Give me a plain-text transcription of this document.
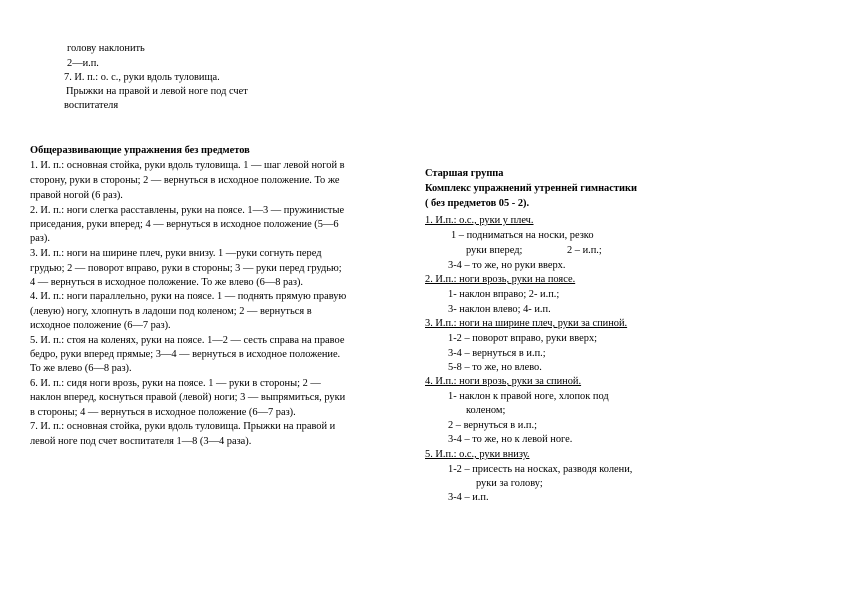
голову наклонить
2—и.п.
7. И. п.: о. с., руки вдоль туловища.
Прыжки на правой и левой ноге под счет
воспитателя
Общеразвивающие упражнения без предметов
1. И. п.: основная стойка, руки вдоль туловища. 1 — шаг левой ногой в
сторону, руки в стороны; 2 — вернуться в исходное положение. То же
правой ногой (6 раз).
2. И. п.: ноги слегка расставлены, руки на поясе. 1—3 — пружинистые
приседания, руки вперед; 4 — вернуться в исходное положение (5—6
раз).
3. И. п.: ноги на ширине плеч, руки внизу. 1 —руки согнуть перед
грудью; 2 — поворот вправо, руки в стороны; 3 — руки перед грудью;
4 — вернуться в исходное положение. То же влево (6—8 раз).
4. И. п.: ноги параллельно, руки на поясе. 1 — поднять прямую правую
(левую) ногу, хлопнуть в ладоши под коленом; 2 — вернуться в
исходное положение (6—7 раз).
5. И. п.: стоя на коленях, руки на поясе. 1—2 — сесть справа на правое
бедро, руки вперед прямые; 3—4 — вернуться в исходное положение.
То же влево (6—8 раз).
6. И. п.: сидя ноги врозь, руки на поясе. 1 — руки в стороны; 2 —
наклон вперед, коснуться правой (левой) ноги; 3 — выпрямиться, руки
в стороны; 4 — вернуться в исходное положение (6—7 раз).
7. И. п.: основная стойка, руки вдоль туловища. Прыжки на правой и
левой ноге под счет воспитателя 1—8 (3—4 раза).
Старшая группа
Комплекс упражнений утренней гимнастики
( без предметов 05 - 2).
1. И.п.: о.с., руки у плеч.
1 – подниматься на носки, резко
руки вперед;	2 – и.п.;
3-4 – то же, но руки вверх.
2. И.п.: ноги врозь, руки на поясе.
1- наклон вправо; 2- и.п.;
3- наклон влево; 4- и.п.
3. И.п.: ноги на ширине плеч, руки за спиной.
1-2 – поворот вправо, руки вверх;
3-4 – вернуться в и.п.;
5-8 – то же, но влево.
4. И.п.: ноги врозь, руки за спиной.
1- наклон к правой ноге, хлопок под
коленом;
2 – вернуться в и.п.;
3-4 – то же, но к левой ноге.
5. И.п.: о.с., руки внизу.
1-2 – присесть на носках, разводя колени,
руки за голову;
3-4 – и.п.
